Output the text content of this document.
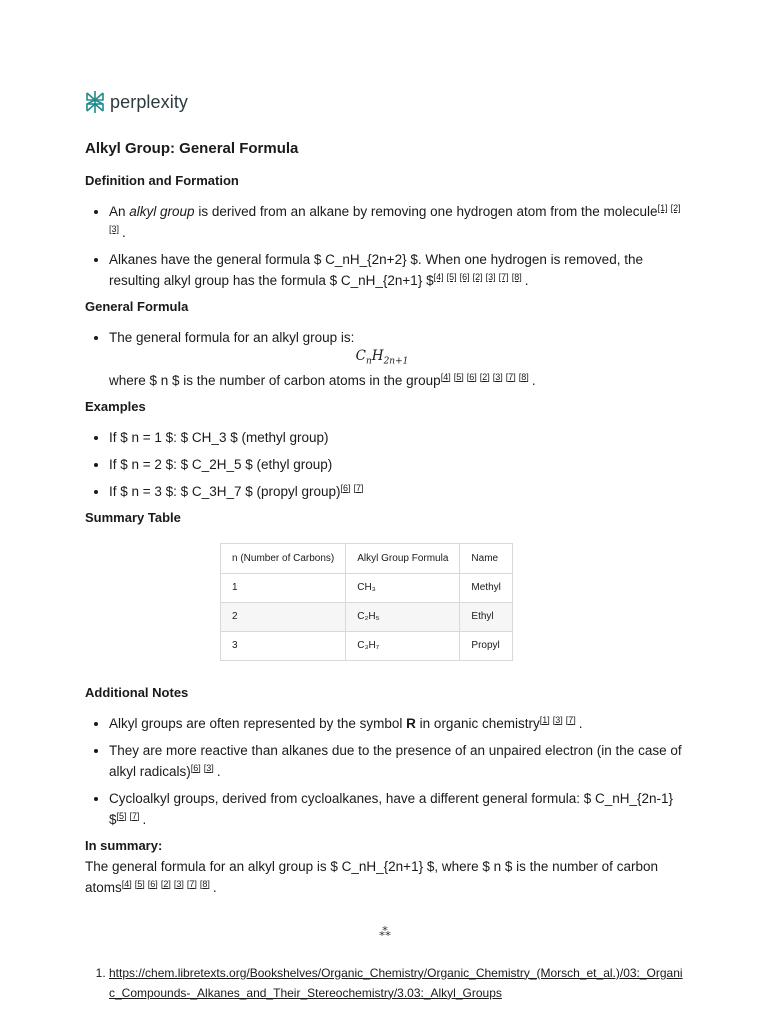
perplexity
Alkyl Group: General Formula
Definition and Formation
• An alkyl group is derived from an alkane by removing one hydrogen atom from the molecule[1] [2][3] .
• Alkanes have the general formula $ C_nH_{2n+2} $. When one hydrogen is removed, the resulting alkyl group has the formula $ C_nH_{2n+1} $[4] [5] [6] [2] [3] [7] [8] .
General Formula
• The general formula for an alkyl group is:
$C_nH_{2n+1}$
where $ n $ is the number of carbon atoms in the group[4] [5] [6] [2] [3] [7] [8] .
Examples
• If $ n = 1 $: $ CH_3 $ (methyl group)
• If $ n = 2 $: $ C_2H_5 $ (ethyl group)
• If $ n = 3 $: $ C_3H_7 $ (propyl group)[6] [7]
Summary Table
n (Number of Carbons)	Alkyl Group Formula	Name
1	CH₃	Methyl
2	C₂H₅	Ethyl
3	C₃H₇	Propyl
Additional Notes
• Alkyl groups are often represented by the symbol R in organic chemistry[1] [3] [7] .
• They are more reactive than alkanes due to the presence of an unpaired electron (in the case of alkyl radicals)[6] [3] .
• Cycloalkyl groups, derived from cycloalkanes, have a different general formula: $ C_nH_{2n-1} $[5] [7] .
In summary:

The general formula for an alkyl group is $ C_nH_{2n+1} $, where $ n $ is the number of carbon atoms[4] [5] [6] [2] [3] [7] [8] .

⁂
1. https://chem.libretexts.org/Bookshelves/Organic_Chemistry/Organic_Chemistry_(Morsch_et_al.)/03:_Organic_Compounds-_Alkanes_and_Their_Stereochemistry/3.03:_Alkyl_Groups
